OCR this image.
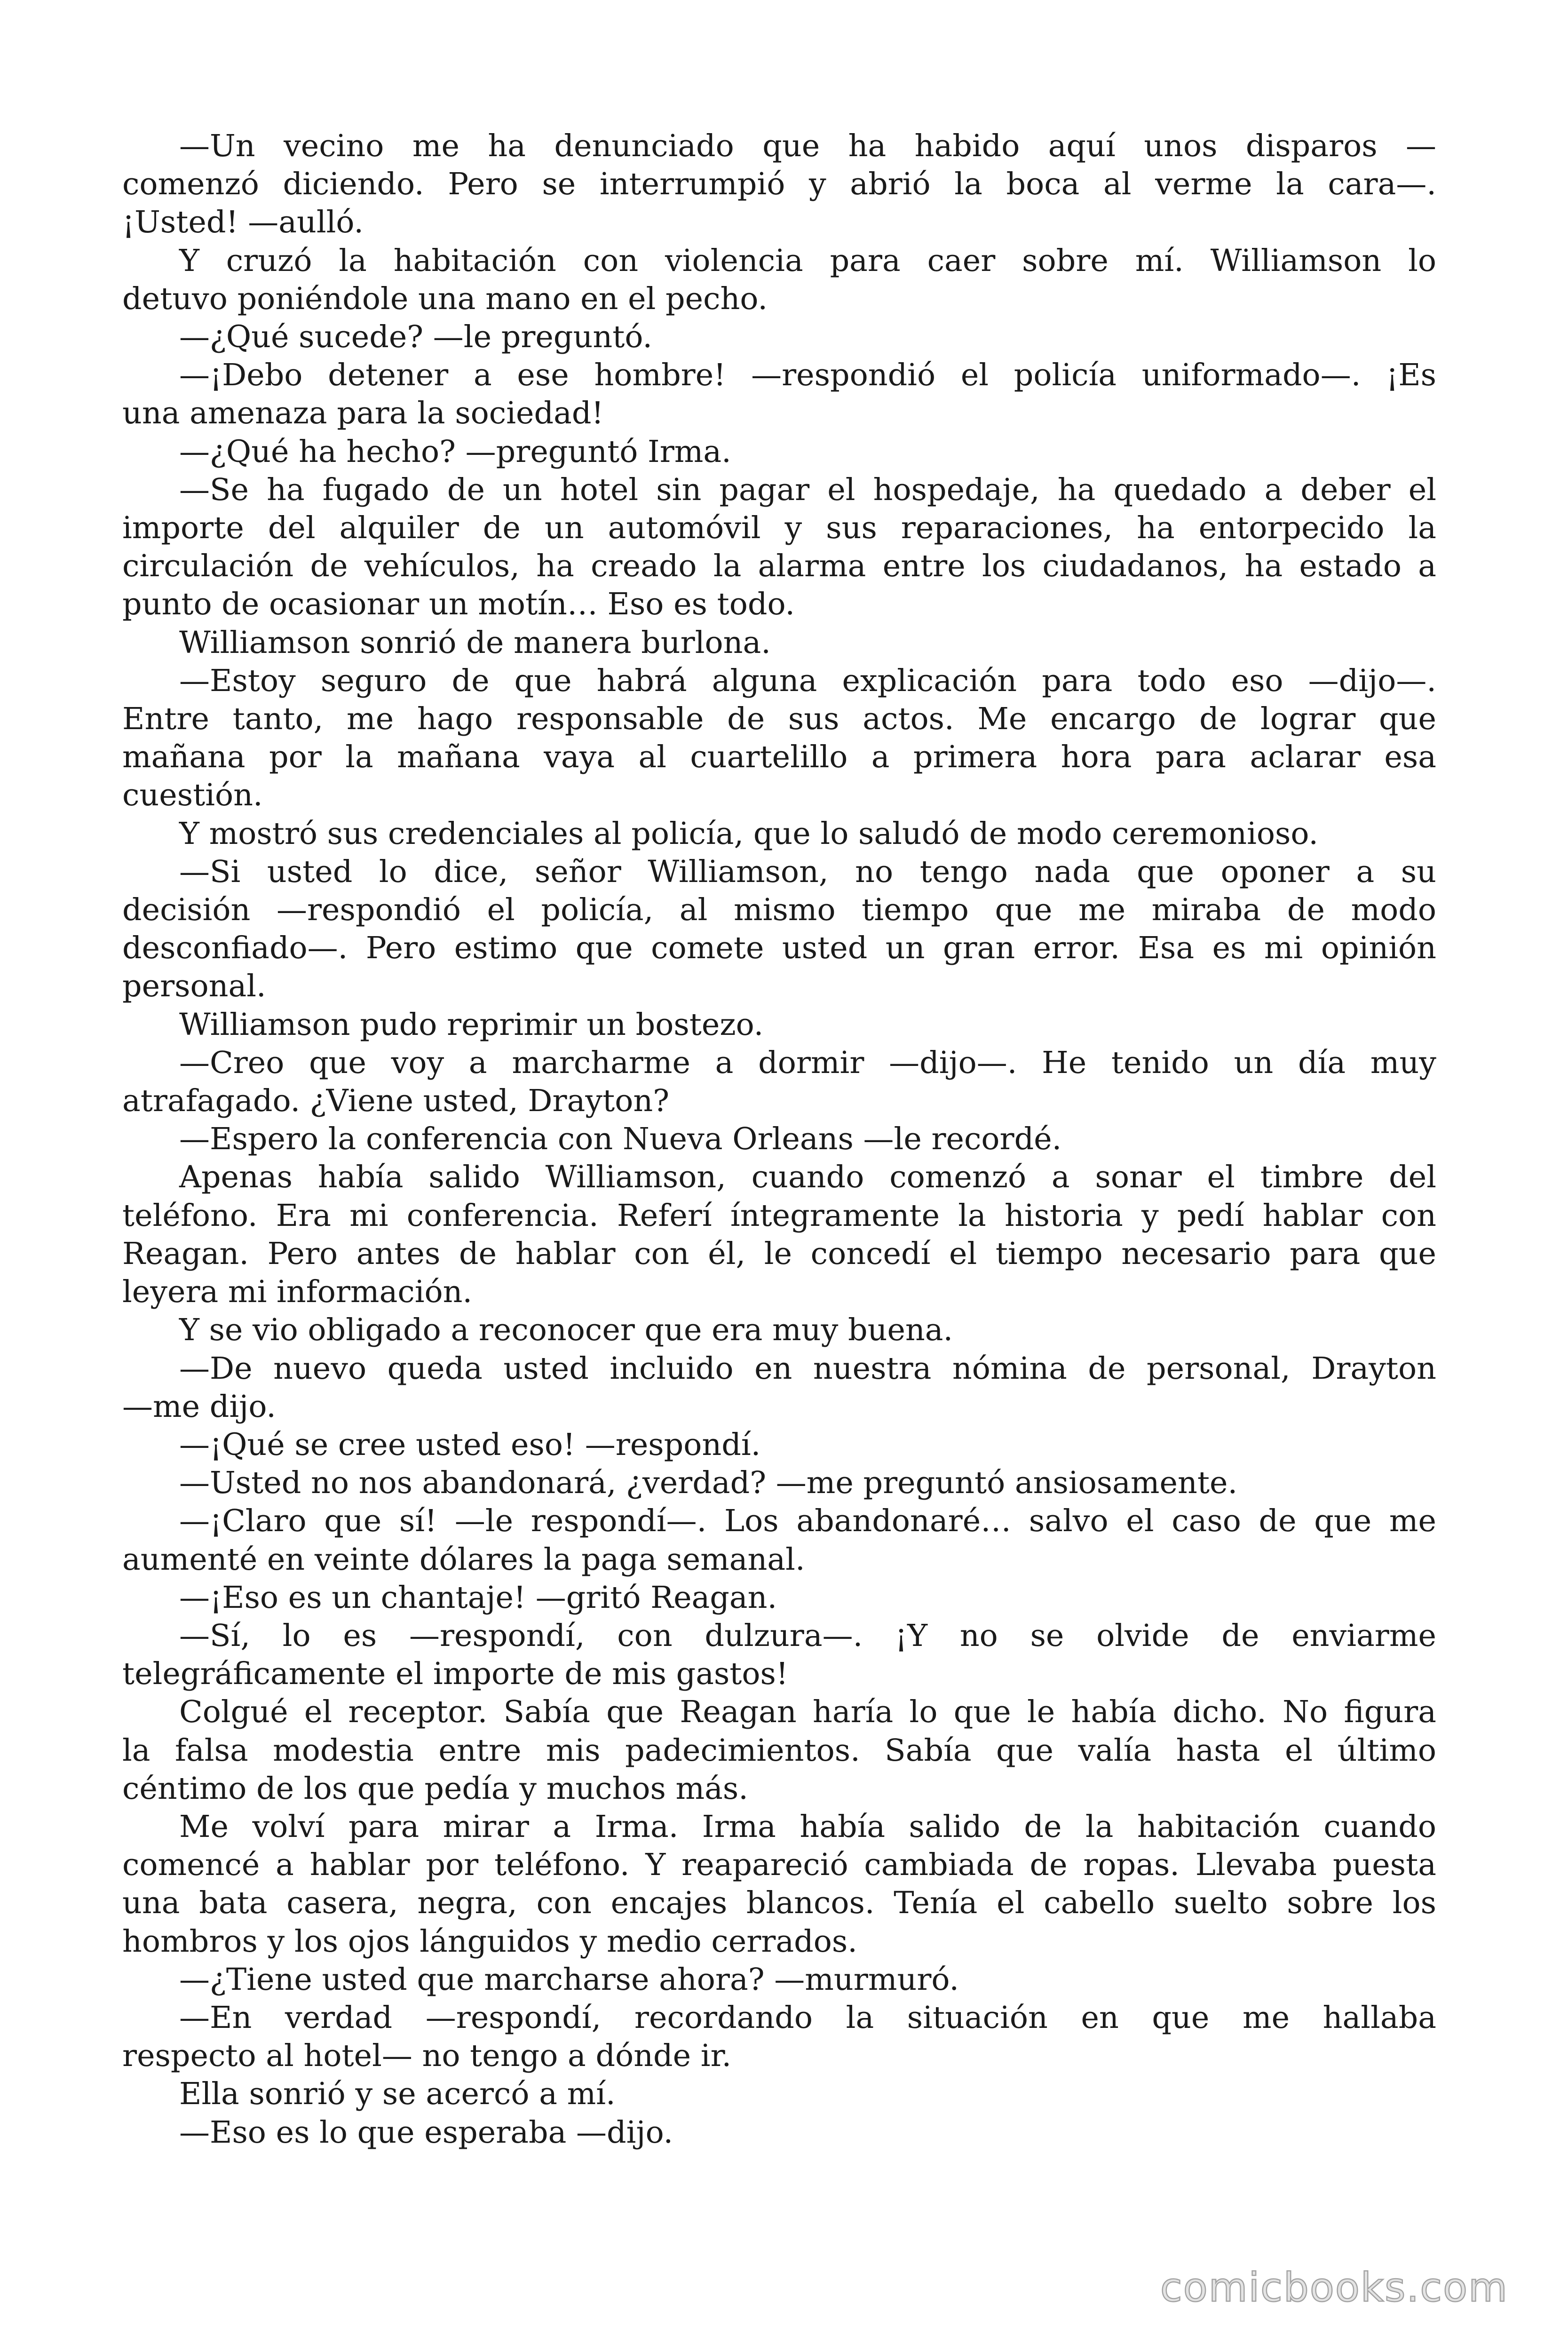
—Un vecino me ha denunciado que ha habido aquí unos disparos —
comenzó diciendo. Pero se interrumpió y abrió la boca al verme la cara—.
¡Usted! —aulló.

Y cruzó la habitación con violencia para caer sobre mí. Williamson lo
detuvo poniéndole una mano en el pecho.

—¿Qué sucede? —le preguntó.

—¡Debo detener a ese hombre! —respondió el policía uniformado—. ¡Es
una amenaza para la sociedad!

—¿Qué ha hecho? —preguntó Irma.

—Se ha fugado de un hotel sin pagar el hospedaje, ha quedado a deber el
importe del alquiler de un automóvil y sus reparaciones, ha entorpecido la
circulación de vehículos, ha creado la alarma entre los ciudadanos, ha estado a
punto de ocasionar un motín… Eso es todo.

Williamson sonrió de manera burlona.

—Estoy seguro de que habrá alguna explicación para todo eso —dijo—.
Entre tanto, me hago responsable de sus actos. Me encargo de lograr que
mañana por la mañana vaya al cuartelillo a primera hora para aclarar esa
cuestión.

Y mostró sus credenciales al policía, que lo saludó de modo ceremonioso.

—Si usted lo dice, señor Williamson, no tengo nada que oponer a su
decisión —respondió el policía, al mismo tiempo que me miraba de modo
desconfiado—. Pero estimo que comete usted un gran error. Esa es mi opinión
personal.

Williamson pudo reprimir un bostezo.

—Creo que voy a marcharme a dormir —dijo—. He tenido un día muy
atrafagado. ¿Viene usted, Drayton?

—Espero la conferencia con Nueva Orleans —le recordé.

Apenas había salido Williamson, cuando comenzó a sonar el timbre del
teléfono. Era mi conferencia. Referí íntegramente la historia y pedí hablar con
Reagan. Pero antes de hablar con él, le concedí el tiempo necesario para que
leyera mi información.

Y se vio obligado a reconocer que era muy buena.

—De nuevo queda usted incluido en nuestra nómina de personal, Drayton
—me dijo.

—¡Qué se cree usted eso! —respondí.

—Usted no nos abandonará, ¿verdad? —me preguntó ansiosamente.

—¡Claro que sí! —le respondí—. Los abandonaré… salvo el caso de que me
aumenté en veinte dólares la paga semanal.

—¡Eso es un chantaje! —gritó Reagan.

—Sí, lo es —respondí, con dulzura—. ¡Y no se olvide de enviarme
telegráficamente el importe de mis gastos!

Colgué el receptor. Sabía que Reagan haría lo que le había dicho. No figura
la falsa modestia entre mis padecimientos. Sabía que valía hasta el último
céntimo de los que pedía y muchos más.

Me volví para mirar a Irma. Irma había salido de la habitación cuando
comencé a hablar por teléfono. Y reapareció cambiada de ropas. Llevaba puesta
una bata casera, negra, con encajes blancos. Tenía el cabello suelto sobre los
hombros y los ojos lánguidos y medio cerrados.

—¿Tiene usted que marcharse ahora? —murmuró.

—En verdad —respondí, recordando la situación en que me hallaba
respecto al hotel— no tengo a dónde ir.

Ella sonrió y se acercó a mí.

—Eso es lo que esperaba —dijo.

comicbooks.com
